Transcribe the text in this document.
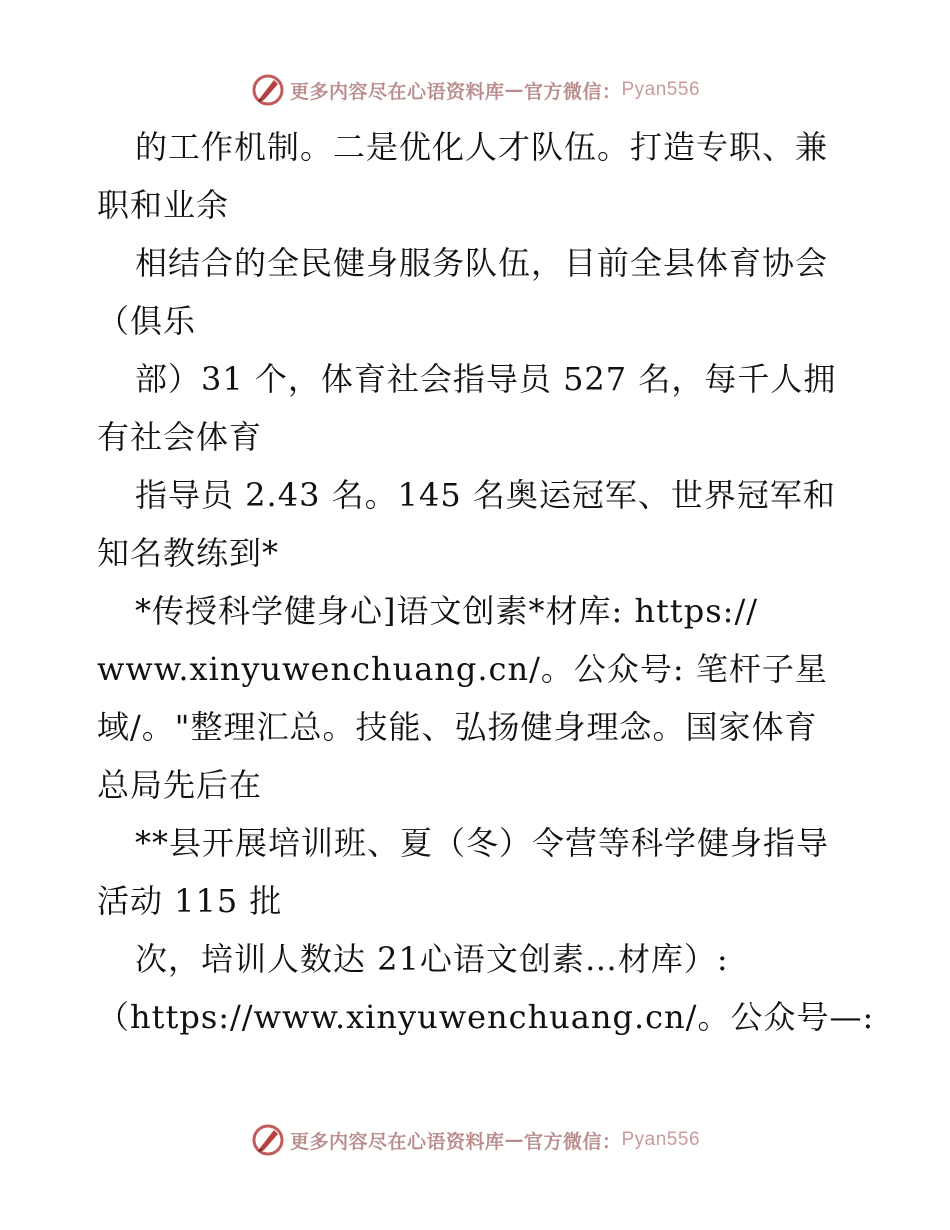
更多内容尽在心语资料库 — 官方微信： Pyan556
的工作机制。二是优化人才队伍。打造专职、兼
职和业余
相结合的全民健身服务队伍，目前全县体育协会
（俱乐
部）31 个，体育社会指导员 527 名，每千人拥
有社会体育
指导员 2.43 名。145 名奥运冠军、世界冠军和
知名教练到*
*传授科学健身心]语文创素*材库: https://
www.xinyuwenchuang.cn/。公众号: 笔杆子星
域/。"整理汇总。技能、弘扬健身理念。国家体育
总局先后在
**县开展培训班、夏（冬）令营等科学健身指导
活动 115 批
次，培训人数达 21心语文创素…材库）:
（https://www.xinyuwenchuang.cn/。公众号—:
更多内容尽在心语资料库 — 官方微信： Pyan556
